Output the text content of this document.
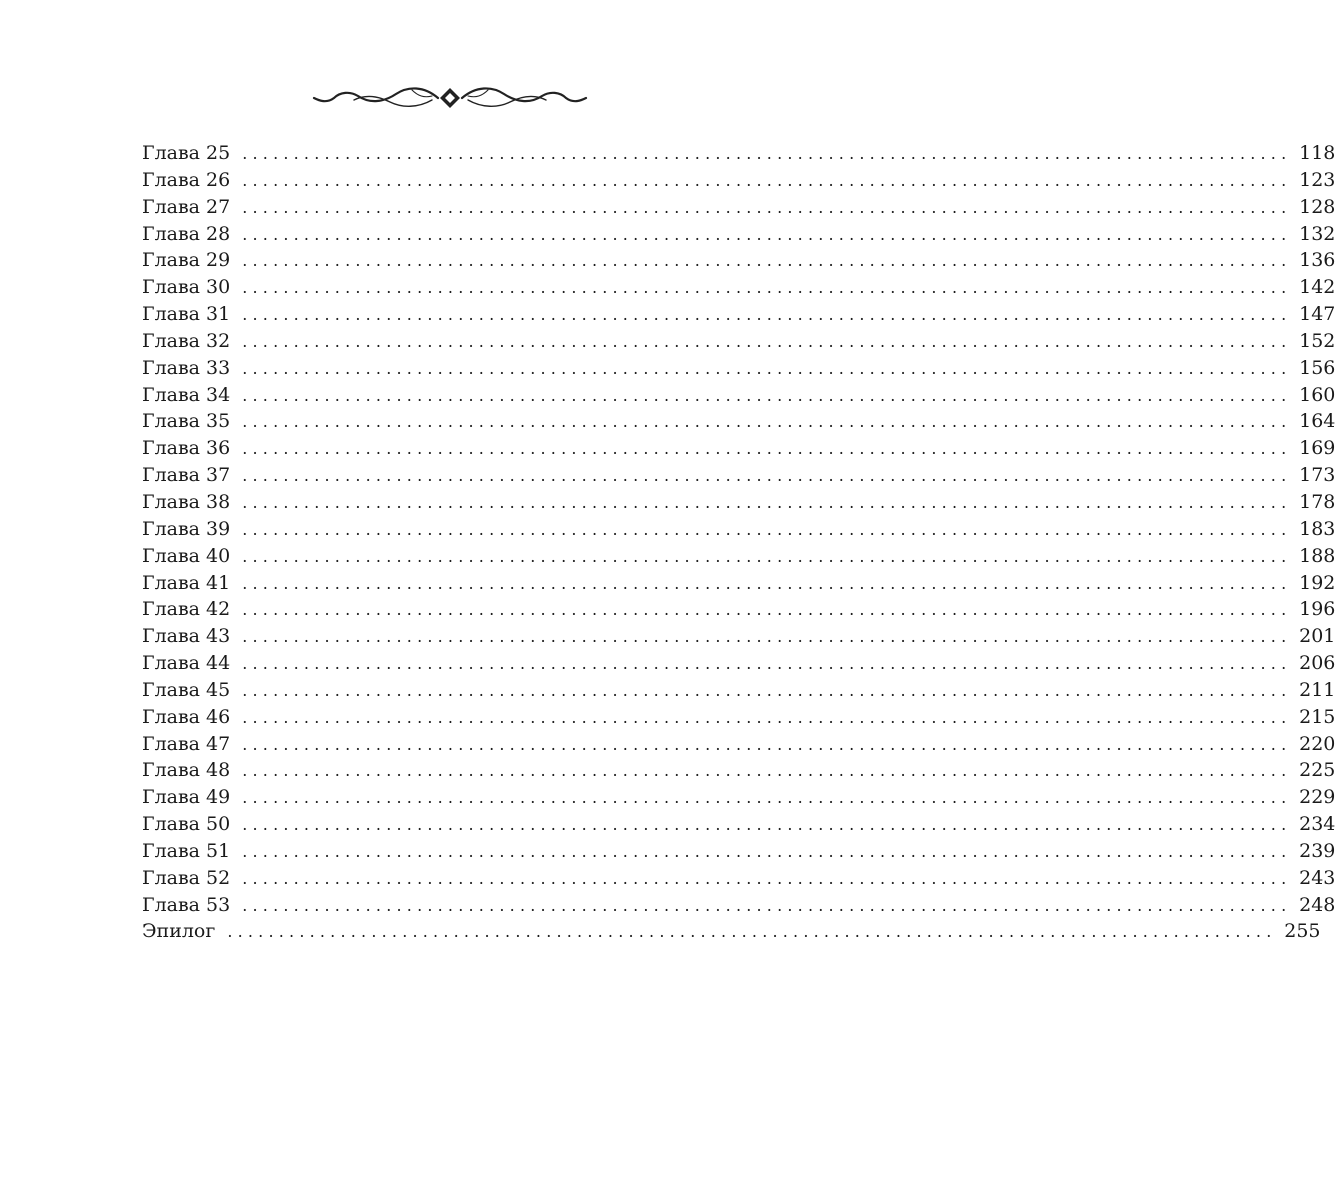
Глава 25 ...................................................................................................... 118
Глава 26 ...................................................................................................... 123
Глава 27 ...................................................................................................... 128
Глава 28 ...................................................................................................... 132
Глава 29 ...................................................................................................... 136
Глава 30 ...................................................................................................... 142
Глава 31 ...................................................................................................... 147
Глава 32 ...................................................................................................... 152
Глава 33 ...................................................................................................... 156
Глава 34 ...................................................................................................... 160
Глава 35 ...................................................................................................... 164
Глава 36 ...................................................................................................... 169
Глава 37 ...................................................................................................... 173
Глава 38 ...................................................................................................... 178
Глава 39 ...................................................................................................... 183
Глава 40 ...................................................................................................... 188
Глава 41 ...................................................................................................... 192
Глава 42 ...................................................................................................... 196
Глава 43 ...................................................................................................... 201
Глава 44 ...................................................................................................... 206
Глава 45 ...................................................................................................... 211
Глава 46 ...................................................................................................... 215
Глава 47 ...................................................................................................... 220
Глава 48 ...................................................................................................... 225
Глава 49 ...................................................................................................... 229
Глава 50 ...................................................................................................... 234
Глава 51 ...................................................................................................... 239
Глава 52 ...................................................................................................... 243
Глава 53 ...................................................................................................... 248
Эпилог ...................................................................................................... 255
